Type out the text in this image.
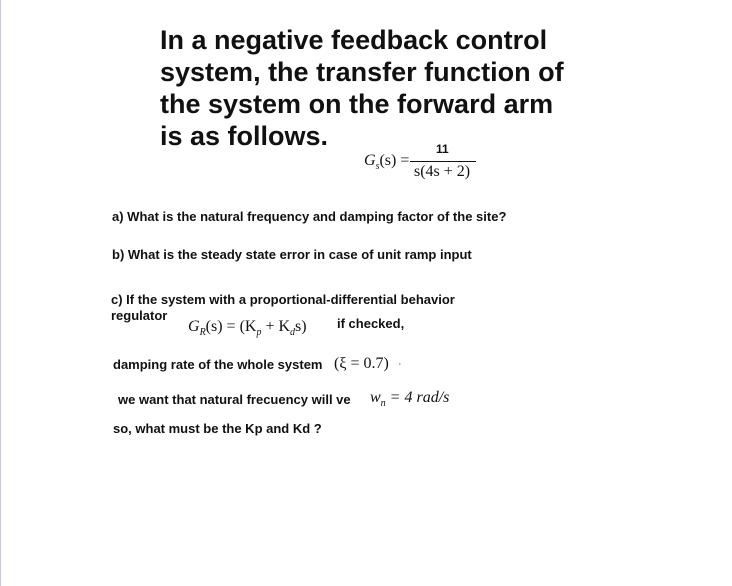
In a negative feedback control
system, the transfer function of
the system on the forward arm
is as follows.
$G_s(s)$ =
11
s(4s + 2)

a) What is the natural frequency and damping factor of the site?

b) What is the steady state error in case of unit ramp input

c) If the system with a proportional-differential behavior

regulator

$G_R(s) = (K_p + K_ds)$ if checked,

damping rate of the whole system (ξ = 0.7) ·

we want that natural frecuency will ve $w_n = 4$ rad/s

so, what must be the Kp and Kd ?
